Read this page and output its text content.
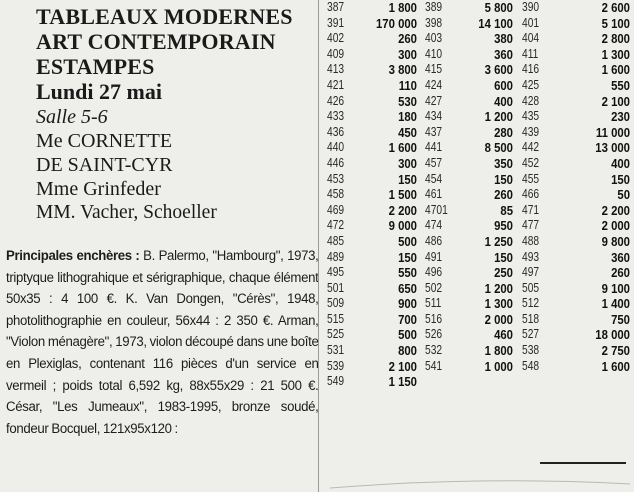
TABLEAUX MODERNES
ART CONTEMPORAIN
ESTAMPES
Lundi 27 mai
Salle 5-6
Me CORNETTE
DE SAINT-CYR
Mme Grinfeder
MM. Vacher, Schoeller
Principales enchères : B. Palermo, "Hambourg", 1973, triptyque lithograhique et sérigraphique, chaque élément 50x35 : 4 100 €. K. Van Dongen, "Cérès", 1948, photolithographie en couleur, 56x44 : 2 350 €. Arman, "Violon ménagère", 1973, violon découpé dans une boîte en Plexiglas, contenant 116 pièces d'un service en vermeil ; poids total 6,592 kg, 88x55x29 : 21 500 €. César, "Les Jumeaux", 1983-1995, bronze soudé, fondeur Bocquel, 121x95x120 :
387	1 800 389	5 800 390	2 600
391	170 000 398	14 100 401	5 100
402	260 403	380 404	2 800
409	300 410	360 411	1 300
413	3 800 415	3 600 416	1 600
421	110 424	600 425	550
426	530 427	400 428	2 100
433	180 434	1 200 435	230
436	450 437	280 439	11 000
440	1 600 441	8 500 442	13 000
446	300 457	350 452	400
453	150 454	150 455	150
458	1 500 461	260 466	50
469	2 200 4701	85 471	2 200
472	9 000 474	950 477	2 000
485	500 486	1 250 488	9 800
489	150 491	150 493	360
495	550 496	250 497	260
501	650 502	1 200 505	9 100
509	900 511	1 300 512	1 400
515	700 516	2 000 518	750
525	500 526	460 527	18 000
531	800 532	1 800 538	2 750
539	2 100 541	1 000 548	1 600
549	1 150
